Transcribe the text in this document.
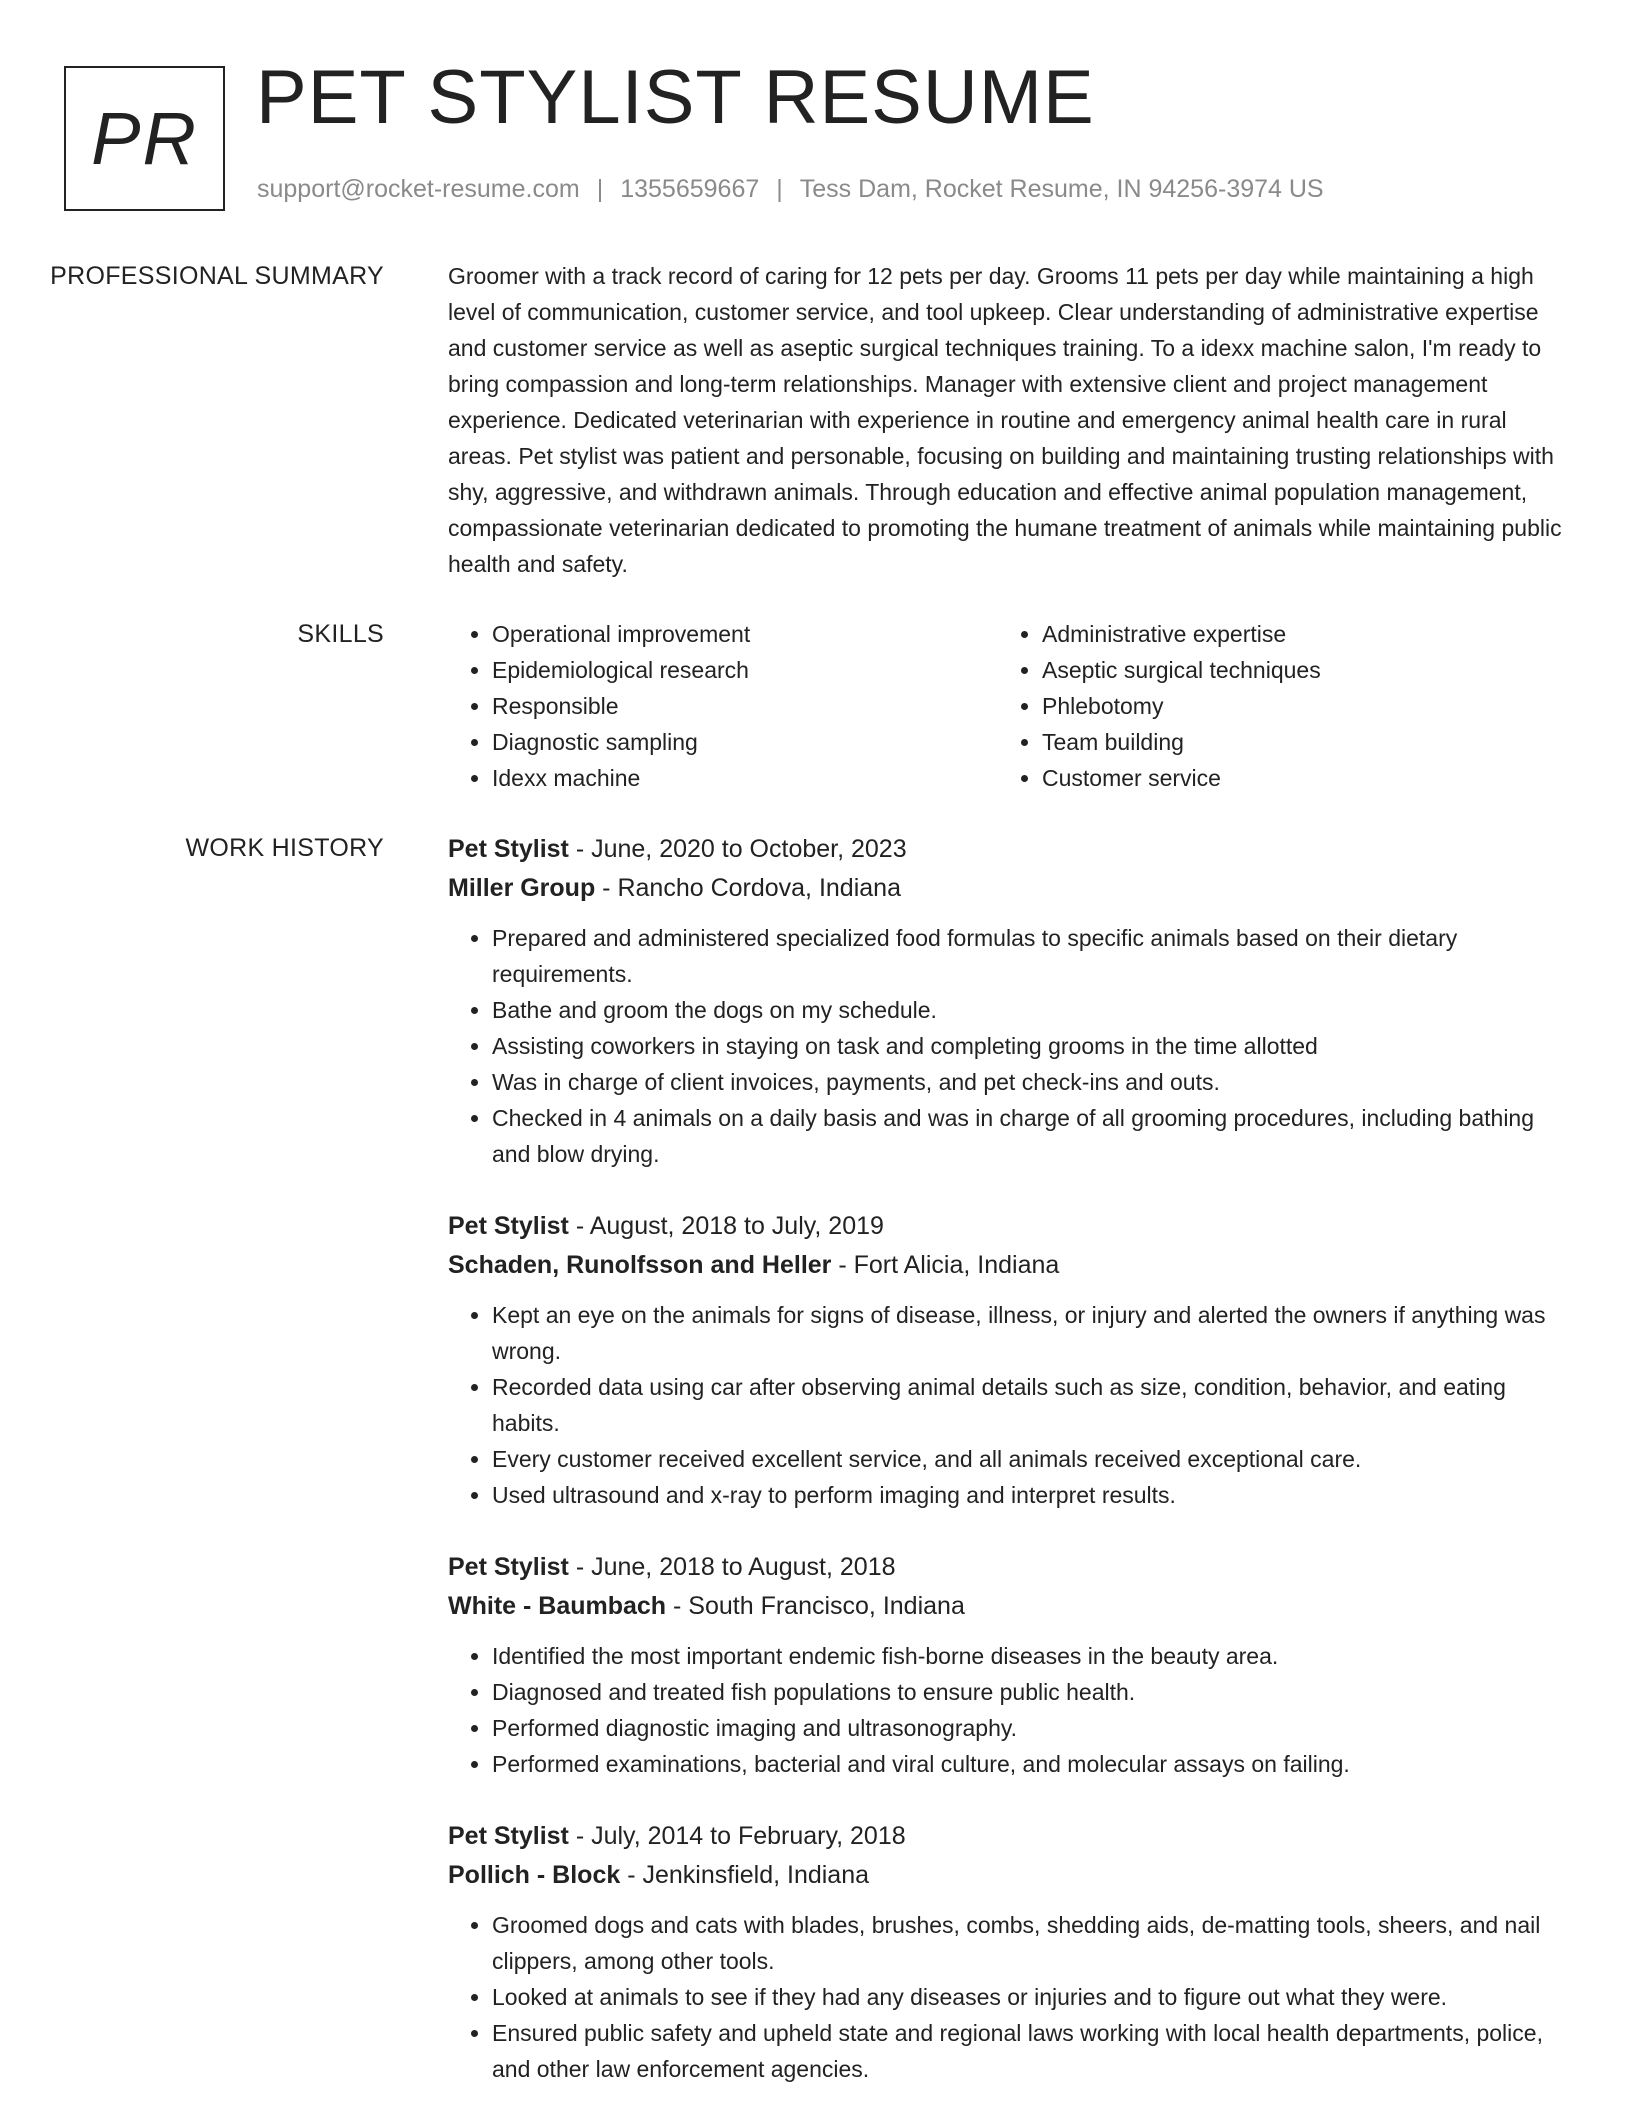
PR PET STYLIST RESUME
support@rocket-resume.com | 1355659667 | Tess Dam, Rocket Resume, IN 94256-3974 US
PROFESSIONAL SUMMARY	Groomer with a track record of caring for 12 pets per day. Grooms 11 pets per day while maintaining a high level of communication, customer service, and tool upkeep. Clear understanding of administrative expertise and customer service as well as aseptic surgical techniques training. To a idexx machine salon, I'm ready to bring compassion and long-term relationships. Manager with extensive client and project management experience. Dedicated veterinarian with experience in routine and emergency animal health care in rural areas. Pet stylist was patient and personable, focusing on building and maintaining trusting relationships with shy, aggressive, and withdrawn animals. Through education and effective animal population management, compassionate veterinarian dedicated to promoting the humane treatment of animals while maintaining public health and safety.

SKILLS
•	Operational improvement
• Epidemiological research
• Responsible
• Diagnostic sampling
• Idexx machine
• Administrative expertise
• Aseptic surgical techniques
• Phlebotomy
• Team building
• Customer service
WORK HISTORY	Pet Stylist - June, 2020 to October, 2023
Miller Group - Rancho Cordova, Indiana
• Prepared and administered specialized food formulas to specific animals based on their dietary requirements.
• Bathe and groom the dogs on my schedule.
• Assisting coworkers in staying on task and completing grooms in the time allotted
• Was in charge of client invoices, payments, and pet check-ins and outs.
• Checked in 4 animals on a daily basis and was in charge of all grooming procedures, including bathing and blow drying.
Pet Stylist - August, 2018 to July, 2019
Schaden, Runolfsson and Heller - Fort Alicia, Indiana
• Kept an eye on the animals for signs of disease, illness, or injury and alerted the owners if anything was wrong.
• Recorded data using car after observing animal details such as size, condition, behavior, and eating habits.
• Every customer received excellent service, and all animals received exceptional care.
• Used ultrasound and x-ray to perform imaging and interpret results.
Pet Stylist - June, 2018 to August, 2018
White - Baumbach - South Francisco, Indiana
• Identified the most important endemic fish-borne diseases in the beauty area.
• Diagnosed and treated fish populations to ensure public health.
• Performed diagnostic imaging and ultrasonography.
• Performed examinations, bacterial and viral culture, and molecular assays on failing.
Pet Stylist - July, 2014 to February, 2018
Pollich - Block - Jenkinsfield, Indiana
• Groomed dogs and cats with blades, brushes, combs, shedding aids, de-matting tools, sheers, and nail clippers, among other tools.
• Looked at animals to see if they had any diseases or injuries and to figure out what they were.
• Ensured public safety and upheld state and regional laws working with local health departments, police, and other law enforcement agencies.
